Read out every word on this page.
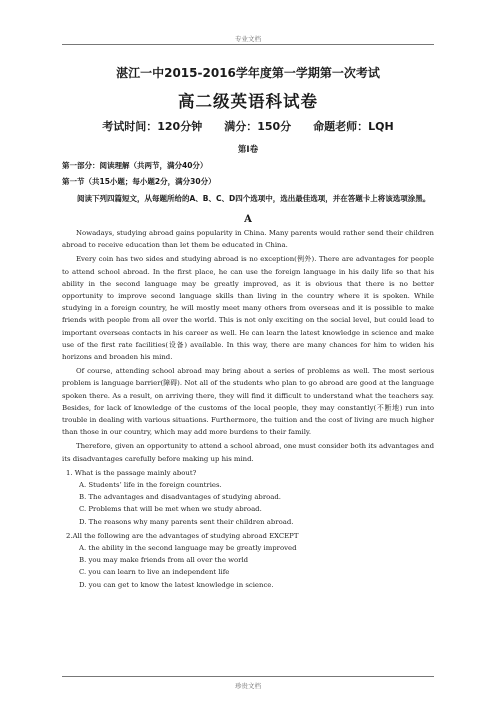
专业文档
湛江一中2015-2016学年度第一学期第一次考试
高二级英语科试卷
考试时间：120分钟　　满分：150分　　命题老师：LQH
第Ⅰ卷
第一部分：阅读理解（共两节，满分40分）
第一节（共15小题；每小题2分，满分30分）
阅读下列四篇短文，从每题所给的A、B、C、D四个选项中，选出最佳选项，并在答题卡上将该选项涂黑。
A
Nowadays, studying abroad gains popularity in China. Many parents would rather send their children abroad to receive education than let them be educated in China.
Every coin has two sides and studying abroad is no exception(例外). There are advantages for people to attend school abroad. In the first place, he can use the foreign language in his daily life so that his ability in the second language may be greatly improved, as it is obvious that there is no better opportunity to improve second language skills than living in the country where it is spoken. While studying in a foreign country, he will mostly meet many others from overseas and it is possible to make friends with people from all over the world. This is not only exciting on the social level, but could lead to important overseas contacts in his career as well. He can learn the latest knowledge in science and make use of the first rate facilities(设备) available. In this way, there are many chances for him to widen his horizons and broaden his mind.
Of course, attending school abroad may bring about a series of problems as well. The most serious problem is language barrier(障碍). Not all of the students who plan to go abroad are good at the language spoken there. As a result, on arriving there, they will find it difficult to understand what the teachers say. Besides, for lack of knowledge of the customs of the local people, they may constantly(不断地) run into trouble in dealing with various situations. Furthermore, the tuition and the cost of living are much higher than those in our country, which may add more burdens to their family.
Therefore, given an opportunity to attend a school abroad, one must consider both its advantages and its disadvantages carefully before making up his mind.
1. What is the passage mainly about?
A. Students’ life in the foreign countries.
B. The advantages and disadvantages of studying abroad.
C. Problems that will be met when we study abroad.
D. The reasons why many parents sent their children abroad.
2.All the following are the advantages of studying abroad EXCEPT
A. the ability in the second language may be greatly improved
B. you may make friends from all over the world
C. you can learn to live an independent life
D. you can get to know the latest knowledge in science.
珍贵文档
